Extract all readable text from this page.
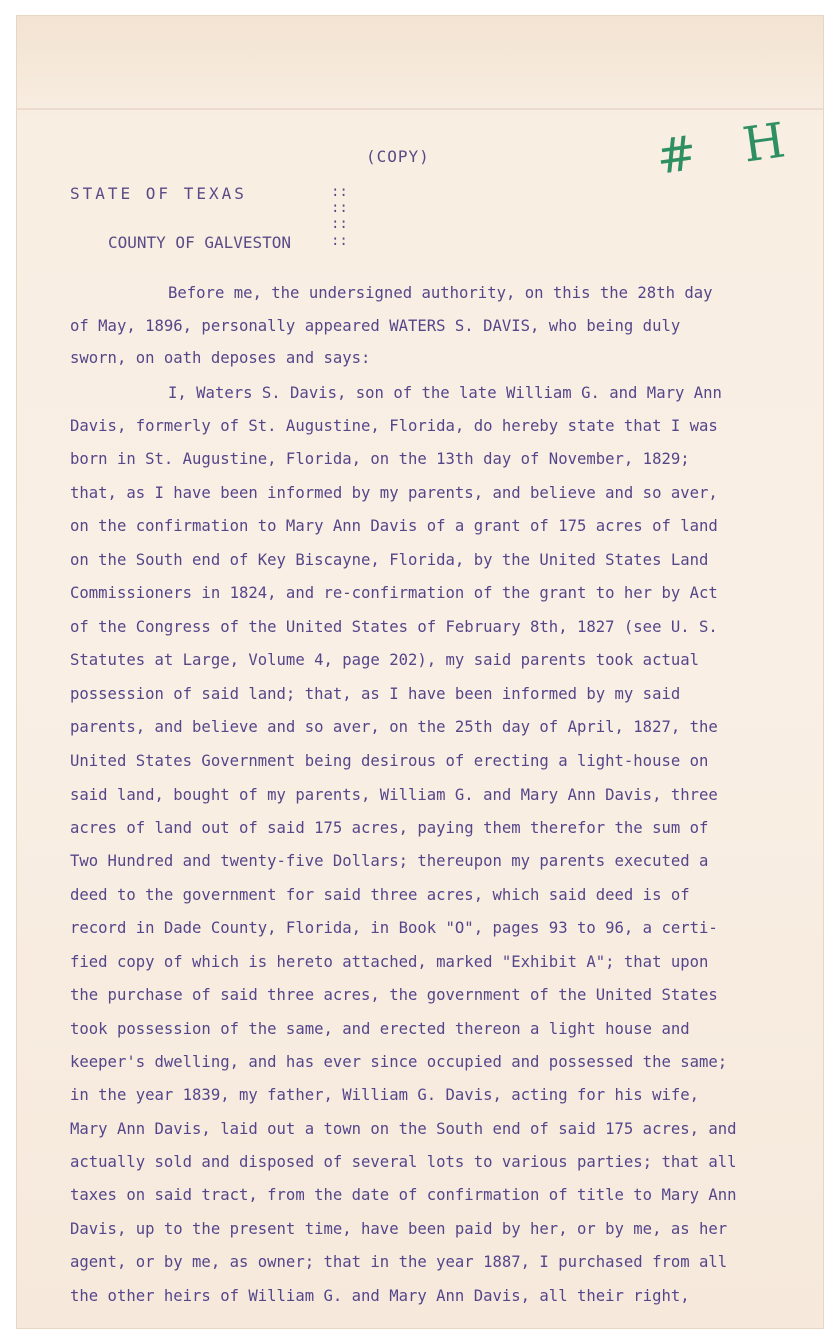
# H
(COPY)
STATE OF TEXAS	::
::
::
::
COUNTY OF GALVESTON
Before me, the undersigned authority, on this the 28th day
of May, 1896, personally appeared WATERS S. DAVIS, who being duly
sworn, on oath deposes and says:
I, Waters S. Davis, son of the late William G. and Mary Ann
Davis, formerly of St. Augustine, Florida, do hereby state that I was
born in St. Augustine, Florida, on the 13th day of November, 1829;
that, as I have been informed by my parents, and believe and so aver,
on the confirmation to Mary Ann Davis of a grant of 175 acres of land
on the South end of Key Biscayne, Florida, by the United States Land
Commissioners in 1824, and re-confirmation of the grant to her by Act
of the Congress of the United States of February 8th, 1827 (see U. S.
Statutes at Large, Volume 4, page 202), my said parents took actual
possession of said land; that, as I have been informed by my said
parents, and believe and so aver, on the 25th day of April, 1827, the
United States Government being desirous of erecting a light-house on
said land, bought of my parents, William G. and Mary Ann Davis, three
acres of land out of said 175 acres, paying them therefor the sum of
Two Hundred and twenty-five Dollars; thereupon my parents executed a
deed to the government for said three acres, which said deed is of
record in Dade County, Florida, in Book "O", pages 93 to 96, a certi-
fied copy of which is hereto attached, marked "Exhibit A"; that upon
the purchase of said three acres, the government of the United States
took possession of the same, and erected thereon a light house and
keeper's dwelling, and has ever since occupied and possessed the same;
in the year 1839, my father, William G. Davis, acting for his wife,
Mary Ann Davis, laid out a town on the South end of said 175 acres, and
actually sold and disposed of several lots to various parties; that all
taxes on said tract, from the date of confirmation of title to Mary Ann
Davis, up to the present time, have been paid by her, or by me, as her
agent, or by me, as owner; that in the year 1887, I purchased from all
the other heirs of William G. and Mary Ann Davis, all their right,
